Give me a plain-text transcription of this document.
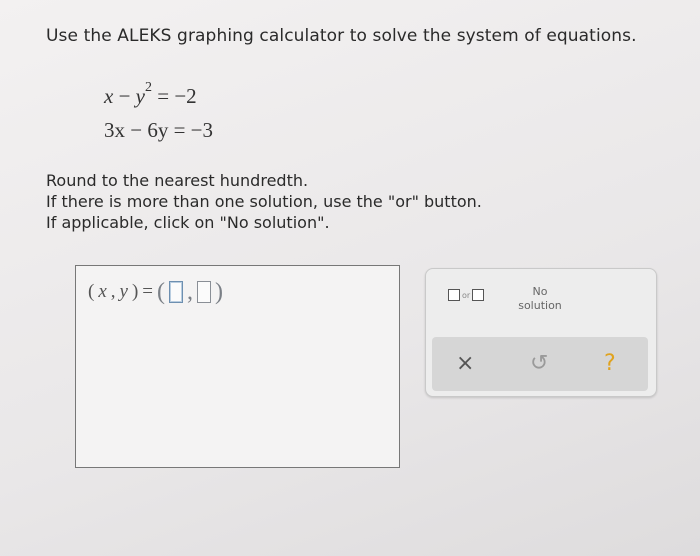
Use the ALEKS graphing calculator to solve the system of equations.
$x - y^2 = -2$
3x − 6y = −3
Round to the nearest hundredth.
If there is more than one solution, use the "or" button.
If applicable, click on "No solution".
( x , y ) = ( , )	or	No
solution
×	↺	?
